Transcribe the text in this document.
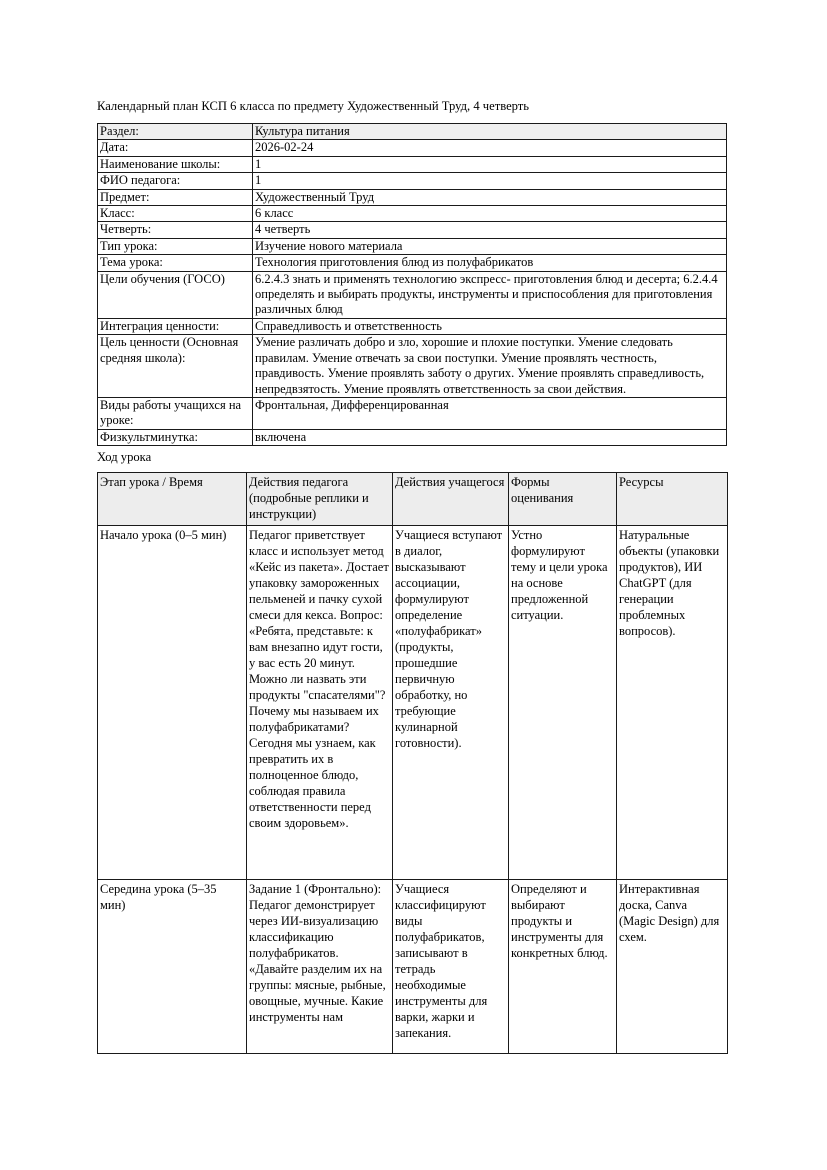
Календарный план КСП 6 класса по предмету Художественный Труд, 4 четверть

Раздел:	Культура питания
Дата:	2026-02-24
Наименование школы:	1
ФИО педагога:	1
Предмет:	Художественный Труд
Класс:	6 класс
Четверть:	4 четверть
Тип урока:	Изучение нового материала
Тема урока:	Технология приготовления блюд из полуфабрикатов
Цели обучения (ГОСО)	6.2.4.3 знать и применять технологию экспресс- приготовления блюд и десерта; 6.2.4.4 определять и выбирать продукты, инструменты и приспособления для приготовления различных блюд
Интеграция ценности:	Справедливость и ответственность
Цель ценности (Основная средняя школа):	Умение различать добро и зло, хорошие и плохие поступки. Умение следовать правилам. Умение отвечать за свои поступки. Умение проявлять честность, правдивость. Умение проявлять заботу о других. Умение проявлять справедливость, непредвзятость. Умение проявлять ответственность за свои действия.
Виды работы учащихся на уроке:	Фронтальная, Дифференцированная
Физкультминутка:	включена

Ход урока

Этап урока / Время	Действия педагога (подробные реплики и инструкции)	Действия учащегося	Формы оценивания	Ресурсы

Начало урока (0–5 мин)	Педагог приветствует класс и использует метод «Кейс из пакета». Достает упаковку замороженных пельменей и пачку сухой смеси для кекса. Вопрос: «Ребята, представьте: к вам внезапно идут гости, у вас есть 20 минут. Можно ли назвать эти продукты "спасателями"? Почему мы называем их полуфабрикатами? Сегодня мы узнаем, как превратить их в полноценное блюдо, соблюдая правила ответственности перед своим здоровьем».	Учащиеся вступают в диалог, высказывают ассоциации, формулируют определение «полуфабрикат» (продукты, прошедшие первичную обработку, но требующие кулинарной готовности).	Устно формулируют тему и цели урока на основе предложенной ситуации.	Натуральные объекты (упаковки продуктов), ИИ ChatGPT (для генерации проблемных вопросов).

Середина урока (5–35 мин)	Задание 1 (Фронтально): Педагог демонстрирует через ИИ-визуализацию классификацию полуфабрикатов. «Давайте разделим их на группы: мясные, рыбные, овощные, мучные. Какие инструменты нам	Учащиеся классифицируют виды полуфабрикатов, записывают в тетрадь необходимые инструменты для варки, жарки и запекания.	Определяют и выбирают продукты и инструменты для конкретных блюд.	Интерактивная доска, Canva (Magic Design) для схем.
